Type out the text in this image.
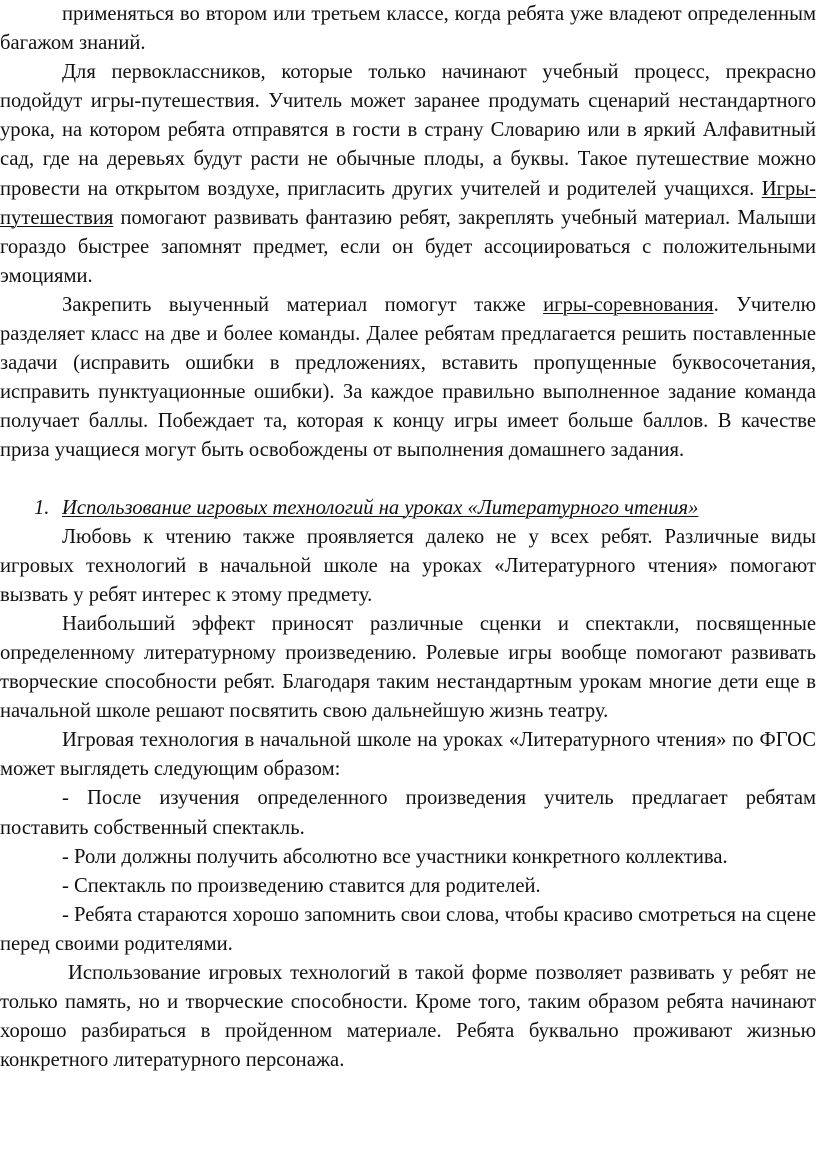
применяться во втором или третьем классе, когда ребята уже владеют определенным багажом знаний.

Для первоклассников, которые только начинают учебный процесс, прекрасно подойдут игры-путешествия. Учитель может заранее продумать сценарий нестандартного урока, на котором ребята отправятся в гости в страну Словарию или в яркий Алфавитный сад, где на деревьях будут расти не обычные плоды, а буквы. Такое путешествие можно провести на открытом воздухе, пригласить других учителей и родителей учащихся. Игры-путешествия помогают развивать фантазию ребят, закреплять учебный материал. Малыши гораздо быстрее запомнят предмет, если он будет ассоциироваться с положительными эмоциями.

Закрепить выученный материал помогут также игры-соревнования. Учителю разделяет класс на две и более команды. Далее ребятам предлагается решить поставленные задачи (исправить ошибки в предложениях, вставить пропущенные буквосочетания, исправить пунктуационные ошибки). За каждое правильно выполненное задание команда получает баллы. Побеждает та, которая к концу игры имеет больше баллов. В качестве приза учащиеся могут быть освобождены от выполнения домашнего задания.

1. Использование игровых технологий на уроках «Литературного чтения»

Любовь к чтению также проявляется далеко не у всех ребят. Различные виды игровых технологий в начальной школе на уроках «Литературного чтения» помогают вызвать у ребят интерес к этому предмету.

Наибольший эффект приносят различные сценки и спектакли, посвященные определенному литературному произведению. Ролевые игры вообще помогают развивать творческие способности ребят. Благодаря таким нестандартным урокам многие дети еще в начальной школе решают посвятить свою дальнейшую жизнь театру.

Игровая технология в начальной школе на уроках «Литературного чтения» по ФГОС может выглядеть следующим образом:

- После изучения определенного произведения учитель предлагает ребятам поставить собственный спектакль.

- Роли должны получить абсолютно все участники конкретного коллектива.

- Спектакль по произведению ставится для родителей.

- Ребята стараются хорошо запомнить свои слова, чтобы красиво смотреться на сцене перед своими родителями.

Использование игровых технологий в такой форме позволяет развивать у ребят не только память, но и творческие способности. Кроме того, таким образом ребята начинают хорошо разбираться в пройденном материале. Ребята буквально проживают жизнью конкретного литературного персонажа.
